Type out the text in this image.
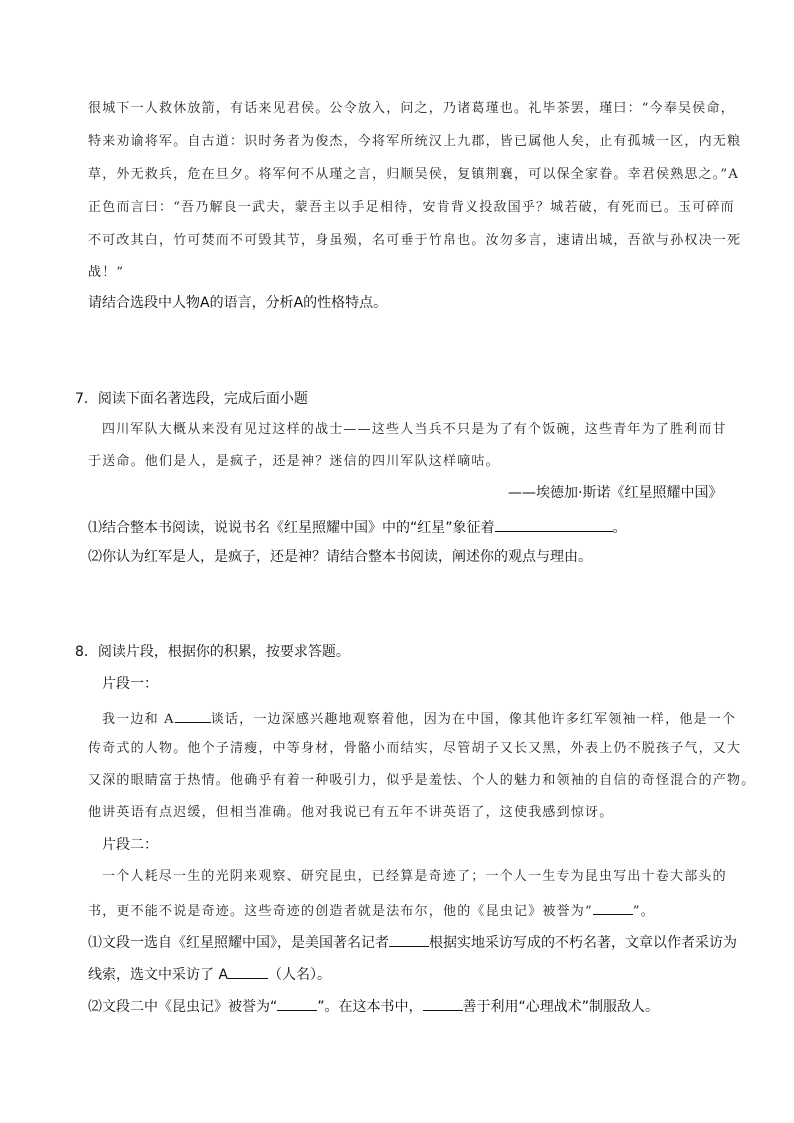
很城下一人救休放箭，有话来见君侯。公令放入，问之，乃诸葛瑾也。礼毕茶罢，瑾曰：“今奉吴侯命，
特来劝谕将军。自古道：识时务者为俊杰，今将军所统汉上九郡，皆已属他人矣，止有孤城一区，内无粮
草，外无救兵，危在旦夕。将军何不从瑾之言，归顺吴侯，复镇荆襄，可以保全家眷。幸君侯熟思之。”A
正色而言曰：“吾乃解良一武夫，蒙吾主以手足相待，安肯背义投敌国乎？城若破，有死而已。玉可碎而
不可改其白，竹可焚而不可毁其节，身虽殒，名可垂于竹帛也。汝勿多言，速请出城，吾欲与孙权决一死
战！”
请结合选段中人物A的语言，分析A的性格特点。
7．阅读下面名著选段，完成后面小题
四川军队大概从来没有见过这样的战士——这些人当兵不只是为了有个饭碗，这些青年为了胜利而甘
于送命。他们是人，是疯子，还是神？迷信的四川军队这样嘀咕。
——埃德加·斯诺《红星照耀中国》
⑴结合整本书阅读，说说书名《红星照耀中国》中的“红星”象征着	。
⑵你认为红军是人，是疯子，还是神？请结合整本书阅读，阐述你的观点与理由。
8．阅读片段，根据你的积累，按要求答题。
片段一：
我一边和 A	谈话，一边深感兴趣地观察着他，因为在中国，像其他许多红军领袖一样，他是一个
传奇式的人物。他个子清瘦，中等身材，骨骼小而结实，尽管胡子又长又黑，外表上仍不脱孩子气，又大
又深的眼睛富于热情。他确乎有着一种吸引力，似乎是羞怯、个人的魅力和领袖的自信的奇怪混合的产物。
他讲英语有点迟缓，但相当准确。他对我说已有五年不讲英语了，这使我感到惊讶。
片段二：
一个人耗尽一生的光阴来观察、研究昆虫，已经算是奇迹了；一个人一生专为昆虫写出十卷大部头的
书，更不能不说是奇迹。这些奇迹的创造者就是法布尔，他的《昆虫记》被誉为“	”。
⑴文段一选自《红星照耀中国》，是美国著名记者	根据实地采访写成的不朽名著，文章以作者采访为
线索，选文中采访了 A	（人名）。
⑵文段二中《昆虫记》被誉为“	”。在这本书中，	善于利用“心理战术”制服敌人。
